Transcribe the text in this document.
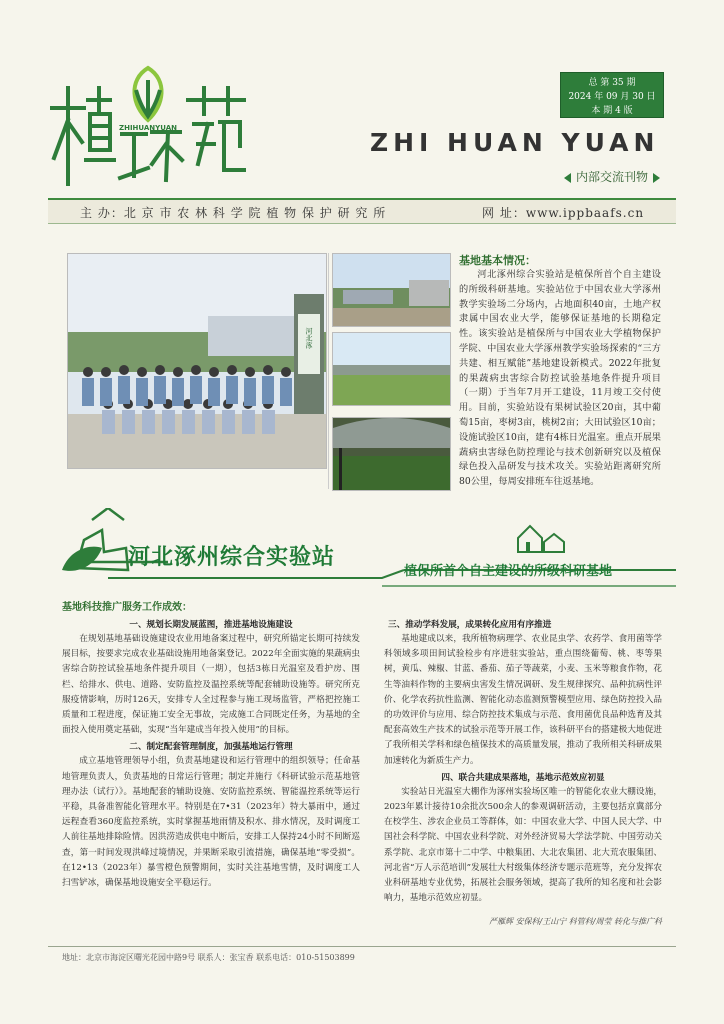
ZHIHUANYUAN
总 第 35 期
2024 年 09 月 30 日
本 期 4 版
ZHI HUAN YUAN
内部交流刊物
主 办：北 京 市 农 林 科 学 院 植 物 保 护 研 究 所	网 址：www.ippbaafs.cn
河北涿
基地基本情况：
河北涿州综合实验站是植保所首个自主建设的所级科研基地。实验站位于中国农业大学涿州教学实验场二分场内，占地面积40亩，土地产权隶属中国农业大学，能够保证基地的长期稳定性。该实验站是植保所与中国农业大学植物保护学院、中国农业大学涿州教学实验场探索的“三方共建、相互赋能”基地建设新模式。2022年批复的果蔬病虫害综合防控试验基地条件提升项目（一期）于当年7月开工建设，11月竣工交付使用。目前，实验站设有果树试验区20亩，其中葡萄15亩，枣树3亩，桃树2亩；大田试验区10亩；设施试验区10亩，建有4栋日光温室。重点开展果蔬病虫害绿色防控理论与技术创新研究以及植保绿色投入品研发与技术攻关。实验站距离研究所80公里，每周安排班车往返基地。
河北涿州综合实验站
植保所首个自主建设的所级科研基地
基地科技推广服务工作成效：
一、规划长期发展蓝图，推进基地设施建设

在规划基地基础设施建设农业用地备案过程中，研究所锚定长期可持续发展目标，按要求完成农业基础设施用地备案登记。2022年全面实施的果蔬病虫害综合防控试验基地条件提升项目（一期），包括3栋日光温室及看护房、围栏、给排水、供电、道路、安防监控及温控系统等配套辅助设施等。研究所克服疫情影响，历时126天，安排专人全过程参与施工现场监管，严格把控施工质量和工程进度，保证施工安全无事故，完成施工合同既定任务，为基地的全面投入使用奠定基础，实现“当年建成当年投入使用”的目标。

二、制定配套管理制度，加强基地运行管理

成立基地管理领导小组，负责基地建设和运行管理中的组织领导；任命基地管理负责人，负责基地的日常运行管理；制定并施行《科研试验示范基地管理办法（试行）》。基地配套的辅助设施、安防监控系统、智能温控系统等运行平稳，具备准智能化管理水平。特别是在7•31（2023年）特大暴雨中，通过远程查看360度监控系统，实时掌握基地雨情及积水、排水情况，及时调度工人前往基地排除险情。因洪涝造成供电中断后，安排工人保持24小时不间断巡查，第一时间发现洪峰过境情况，并果断采取引流措施，确保基地“零受损”。在12•13（2023年）暴雪橙色预警期间，实时关注基地雪情，及时调度工人扫雪铲冰，确保基地设施安全平稳运行。

三、推动学科发展，成果转化应用有序推进

基地建成以来，我所植物病理学、农业昆虫学、农药学、食用菌等学科领域多项田间试验检步有序进驻实验站，重点围绕葡萄、桃、枣等果树，黄瓜、辣椒、甘蓝、番茄、茄子等蔬菜，小麦、玉米等粮食作物，花生等油料作物的主要病虫害发生情况调研、发生规律探究、品种抗病性评价、化学农药抗性监测、智能化动态监测预警模型应用、绿色防控投入品的功效评价与应用、综合防控技术集成与示范、食用菌优良品种选育及其配套高效生产技术的试验示范等开展工作，该科研平台的搭建极大地促进了我所相关学科和绿色植保技术的高质量发展，推动了我所相关科研成果加速转化为新质生产力。

四、联合共建成果落地，基地示范效应初显

实验站日光温室大棚作为涿州实验场区唯一的智能化农业大棚设施，2023年累计接待10余批次500余人的参观调研活动，主要包括京冀部分在校学生、涉农企业员工等群体，如：中国农业大学、中国人民大学、中国社会科学院、中国农业科学院、对外经济贸易大学法学院、中国劳动关系学院、北京市第十二中学、中粮集团、大北农集团、北大荒农服集团、河北省“万人示范培训”发展壮大村级集体经济专题示范班等，充分发挥农业科研基地专业优势，拓展社会服务领域，提高了我所的知名度和社会影响力，基地示范效应初显。

严雁辉 安保科/王山宁 科管科/周莹 转化与推广科
地址：北京市海淀区曙光花园中路9号 联系人：张宝香 联系电话：010-51503899
